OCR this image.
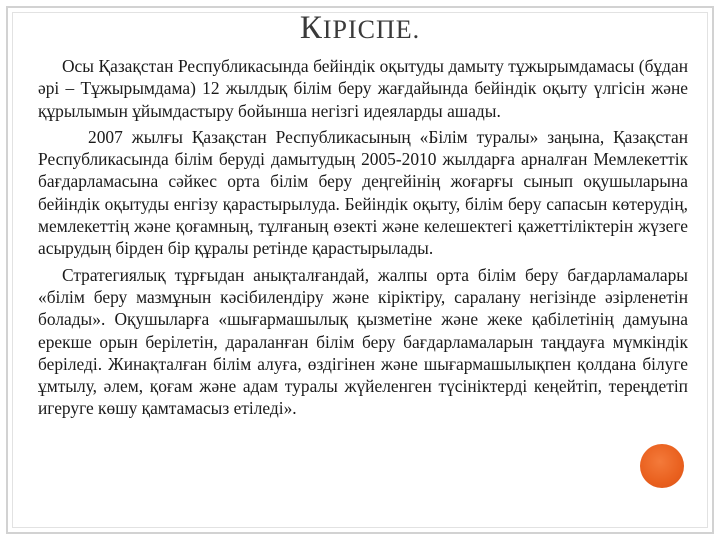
КІРІСПЕ.

Осы Қазақстан Республикасында бейіндік оқытуды дамыту тұжырымдамасы (бұдан әрі – Тұжырымдама) 12 жылдық білім беру жағдайында бейіндік оқыту үлгісін және құрылымын ұйымдастыру бойынша негізгі идеяларды ашады.

2007 жылғы Қазақстан Республикасының «Білім туралы» заңына, Қазақстан Республикасында білім беруді дамытудың 2005-2010 жылдарға арналған Мемлекеттік бағдарламасына сәйкес орта білім беру деңгейінің жоғарғы сынып оқушыларына бейіндік оқытуды енгізу қарастырылуда. Бейіндік оқыту, білім беру сапасын көтерудің, мемлекеттің және қоғамның, тұлғаның өзекті және келешектегі қажеттіліктерін жүзеге асырудың бірден бір құралы ретінде қарастырылады.

Стратегиялық тұрғыдан анықталғандай, жалпы орта білім беру бағдарламалары «білім беру мазмұнын кәсібилендіру және кіріктіру, саралану негізінде әзірленетін болады». Оқушыларға «шығармашылық қызметіне және жеке қабілетінің дамуына ерекше орын берілетін, дараланған білім беру бағдарламаларын таңдауға мүмкіндік беріледі. Жинақталған білім алуға, өздігінен және шығармашылықпен қолдана білуге ұмтылу, әлем, қоғам және адам туралы жүйеленген түсініктерді кеңейтіп, тереңдетіп игеруге көшу қамтамасыз етіледі».
